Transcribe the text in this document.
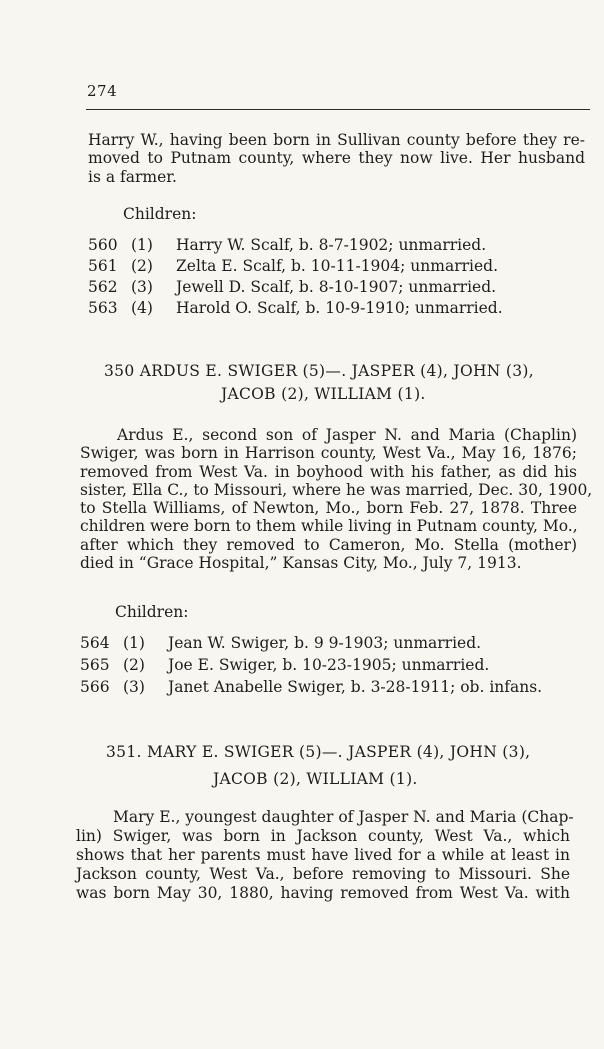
274
Harry W., having been born in Sullivan county before they re-
moved to Putnam county, where they now live. Her husband
is a farmer.
Children:
560 (1) Harry W. Scalf, b. 8-7-1902; unmarried.
561 (2) Zelta E. Scalf, b. 10-11-1904; unmarried.
562 (3) Jewell D. Scalf, b. 8-10-1907; unmarried.
563 (4) Harold O. Scalf, b. 10-9-1910; unmarried.
350 ARDUS E. SWIGER (5)—. JASPER (4), JOHN (3),
JACOB (2), WILLIAM (1).
Ardus E., second son of Jasper N. and Maria (Chaplin)
Swiger, was born in Harrison county, West Va., May 16, 1876;
removed from West Va. in boyhood with his father, as did his
sister, Ella C., to Missouri, where he was married, Dec. 30, 1900,
to Stella Williams, of Newton, Mo., born Feb. 27, 1878. Three
children were born to them while living in Putnam county, Mo.,
after which they removed to Cameron, Mo. Stella (mother)
died in “Grace Hospital,” Kansas City, Mo., July 7, 1913.
Children:
564 (1) Jean W. Swiger, b. 9 9-1903; unmarried.
565 (2) Joe E. Swiger, b. 10-23-1905; unmarried.
566 (3) Janet Anabelle Swiger, b. 3-28-1911; ob. infans.
351. MARY E. SWIGER (5)—. JASPER (4), JOHN (3),
JACOB (2), WILLIAM (1).
Mary E., youngest daughter of Jasper N. and Maria (Chap-
lin) Swiger, was born in Jackson county, West Va., which
shows that her parents must have lived for a while at least in
Jackson county, West Va., before removing to Missouri. She
was born May 30, 1880, having removed from West Va. with
